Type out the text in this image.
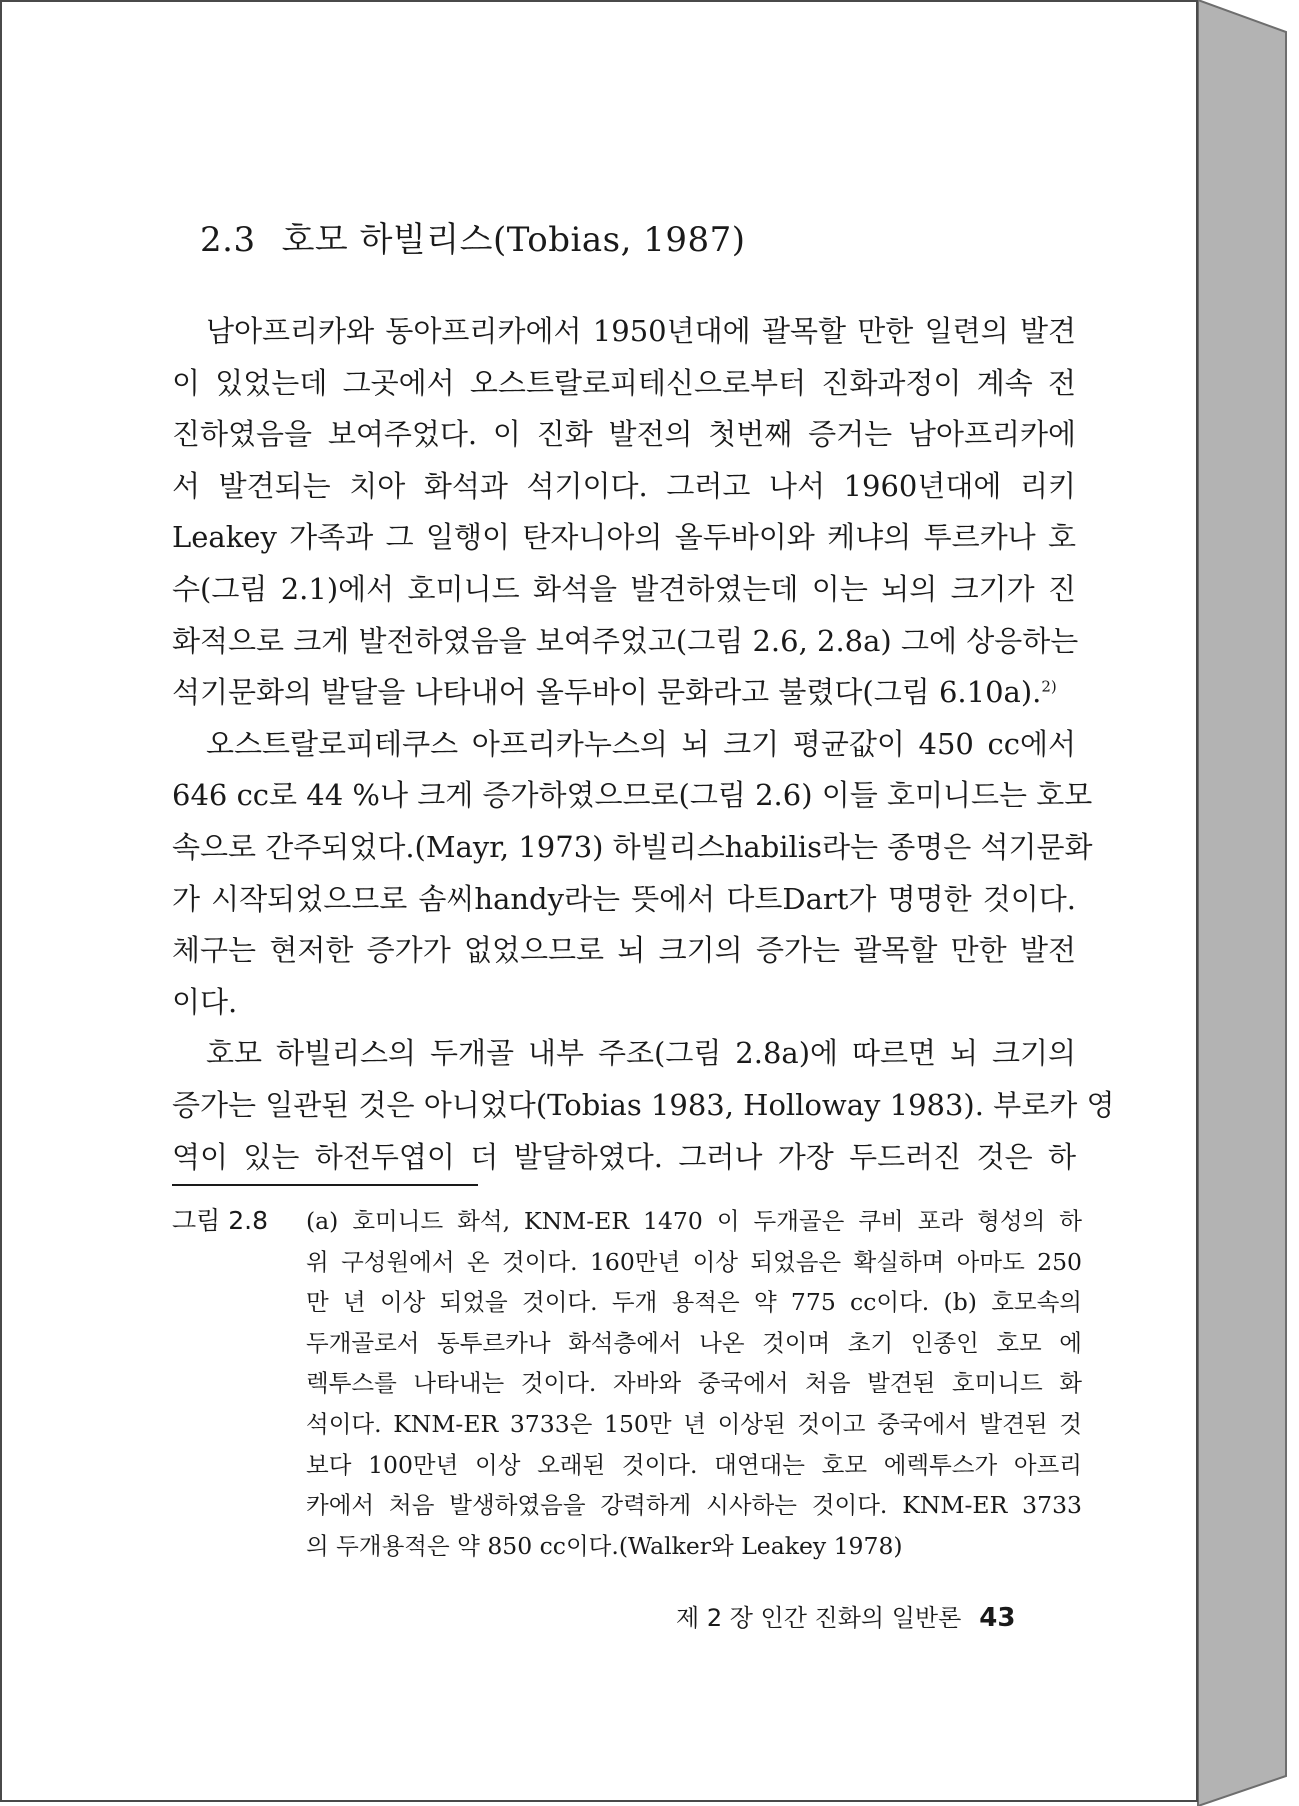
2.3 호모 하빌리스(Tobias, 1987)
남아프리카와 동아프리카에서 1950년대에 괄목할 만한 일련의 발견
이 있었는데 그곳에서 오스트랄로피테신으로부터 진화과정이 계속 전
진하였음을 보여주었다. 이 진화 발전의 첫번째 증거는 남아프리카에
서 발견되는 치아 화석과 석기이다. 그러고 나서 1960년대에 리키
Leakey 가족과 그 일행이 탄자니아의 올두바이와 케냐의 투르카나 호
수(그림 2.1)에서 호미니드 화석을 발견하였는데 이는 뇌의 크기가 진
화적으로 크게 발전하였음을 보여주었고(그림 2.6, 2.8a) 그에 상응하는
석기문화의 발달을 나타내어 올두바이 문화라고 불렸다(그림 6.10a).$^{2)}$
오스트랄로피테쿠스 아프리카누스의 뇌 크기 평균값이 450 cc에서
646 cc로 44 %나 크게 증가하였으므로(그림 2.6) 이들 호미니드는 호모
속으로 간주되었다.(Mayr, 1973) 하빌리스habilis라는 종명은 석기문화
가 시작되었으므로 솜씨handy라는 뜻에서 다트Dart가 명명한 것이다.
체구는 현저한 증가가 없었으므로 뇌 크기의 증가는 괄목할 만한 발전
이다.
호모 하빌리스의 두개골 내부 주조(그림 2.8a)에 따르면 뇌 크기의
증가는 일관된 것은 아니었다(Tobias 1983, Holloway 1983). 부로카 영
역이 있는 하전두엽이 더 발달하였다. 그러나 가장 두드러진 것은 하
그림 2.8 (a) 호미니드 화석, KNM-ER 1470 이 두개골은 쿠비 포라 형성의 하
위 구성원에서 온 것이다. 160만년 이상 되었음은 확실하며 아마도 250
만 년 이상 되었을 것이다. 두개 용적은 약 775 cc이다. (b) 호모속의
두개골로서 동투르카나 화석층에서 나온 것이며 초기 인종인 호모 에
렉투스를 나타내는 것이다. 자바와 중국에서 처음 발견된 호미니드 화
석이다. KNM-ER 3733은 150만 년 이상된 것이고 중국에서 발견된 것
보다 100만년 이상 오래된 것이다. 대연대는 호모 에렉투스가 아프리
카에서 처음 발생하였음을 강력하게 시사하는 것이다. KNM-ER 3733
의 두개용적은 약 850 cc이다.(Walker와 Leakey 1978)
제 2 장 인간 진화의 일반론 43
